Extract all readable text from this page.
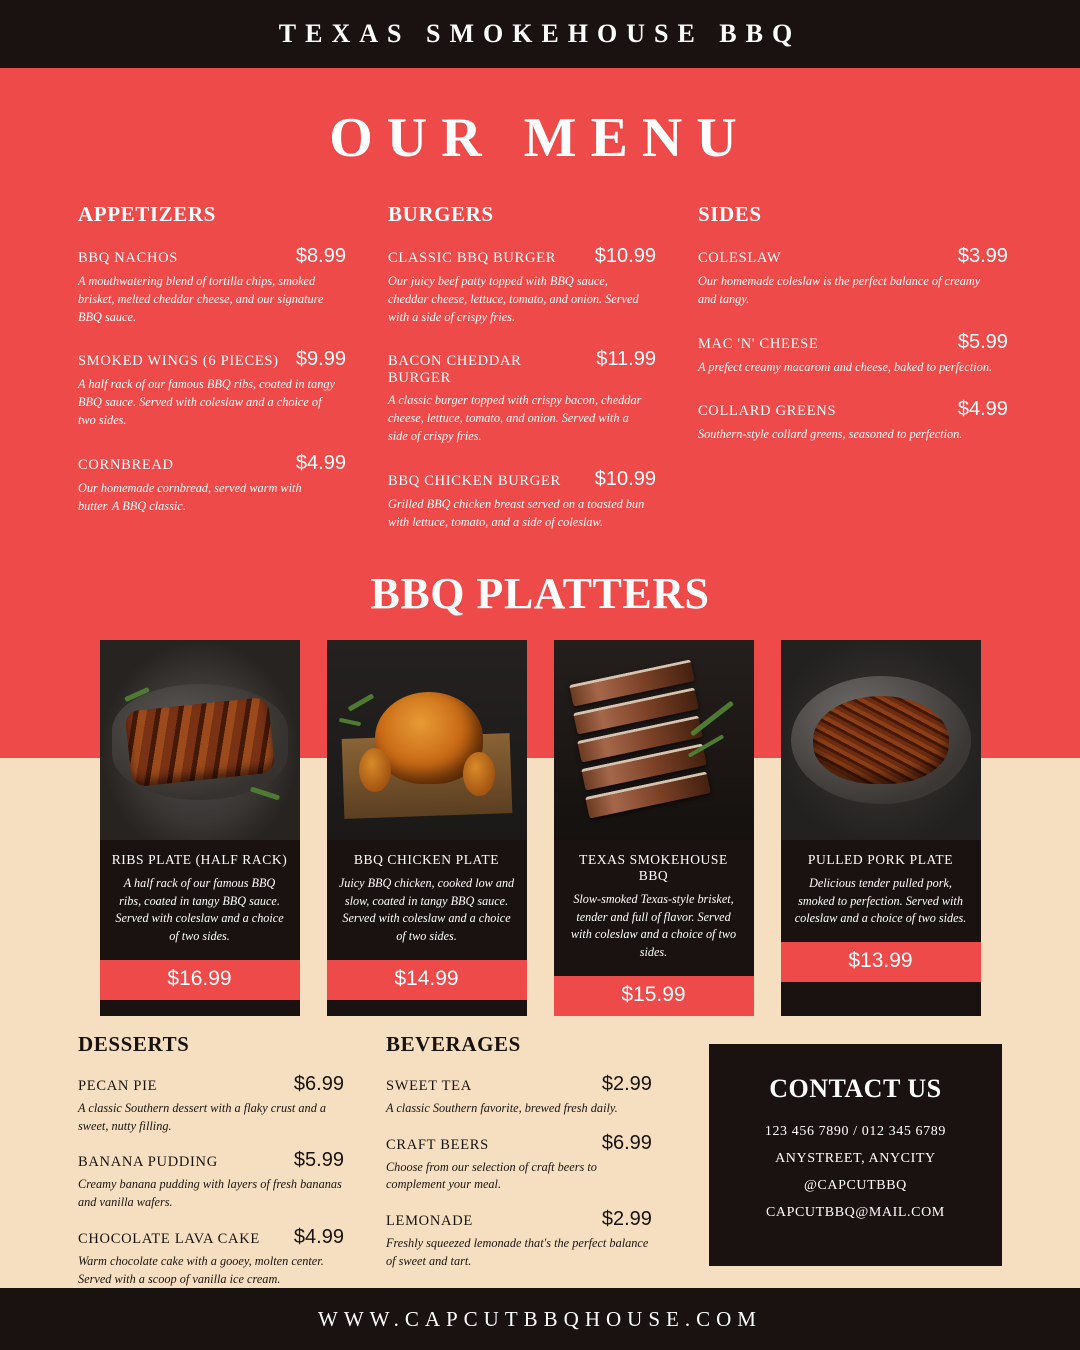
TEXAS SMOKEHOUSE BBQ
OUR MENU
APPETIZERS
BBQ NACHOS	$8.99
A mouthwatering blend of tortilla chips, smoked brisket, melted cheddar cheese, and our signature BBQ sauce.
SMOKED WINGS (6 PIECES) $9.99
A half rack of our famous BBQ ribs, coated in tangy BBQ sauce. Served with coleslaw and a choice of two sides.
CORNBREAD	$4.99
Our homemade cornbread, served warm with butter. A BBQ classic.
BURGERS
CLASSIC BBQ BURGER	$10.99
Our juicy beef patty topped with BBQ sauce, cheddar cheese, lettuce, tomato, and onion. Served with a side of crispy fries.
BACON CHEDDAR BURGER
$11.99
A classic burger topped with crispy bacon, cheddar cheese, lettuce, tomato, and onion. Served with a side of crispy fries.
BBQ CHICKEN BURGER	$10.99
Grilled BBQ chicken breast served on a toasted bun with lettuce, tomato, and a side of coleslaw.
SIDES
COLESLAW	$3.99
Our homemade coleslaw is the perfect balance of creamy and tangy.
MAC 'N' CHEESE	$5.99
A prefect creamy macaroni and cheese, baked to perfection.
COLLARD GREENS	$4.99
Southern-style collard greens, seasoned to perfection.
BBQ PLATTERS
RIBS PLATE (HALF RACK)
A half rack of our famous BBQ ribs, coated in tangy BBQ sauce. Served with coleslaw and a choice of two sides.
$16.99
BBQ CHICKEN PLATE
Juicy BBQ chicken, cooked low and slow, coated in tangy BBQ sauce. Served with coleslaw and a choice of two sides.
$14.99
TEXAS SMOKEHOUSE BBQ
Slow-smoked Texas-style brisket, tender and full of flavor. Served with coleslaw and a choice of two sides.
$15.99
PULLED PORK PLATE
Delicious tender pulled pork, smoked to perfection. Served with coleslaw and a choice of two sides.
$13.99
DESSERTS
PECAN PIE	$6.99
A classic Southern dessert with a flaky crust and a sweet, nutty filling.
BANANA PUDDING	$5.99
Creamy banana pudding with layers of fresh bananas and vanilla wafers.
CHOCOLATE LAVA CAKE	$4.99
Warm chocolate cake with a gooey, molten center. Served with a scoop of vanilla ice cream.
BEVERAGES
SWEET TEA	$2.99
A classic Southern favorite, brewed fresh daily.
CRAFT BEERS	$6.99
Choose from our selection of craft beers to complement your meal.
LEMONADE	$2.99
Freshly squeezed lemonade that's the perfect balance of sweet and tart.
CONTACT US
123 456 7890 / 012 345 6789
ANYSTREET, ANYCITY
@CAPCUTBBQ
CAPCUTBBQ@MAIL.COM
WWW.CAPCUTBBQHOUSE.COM
